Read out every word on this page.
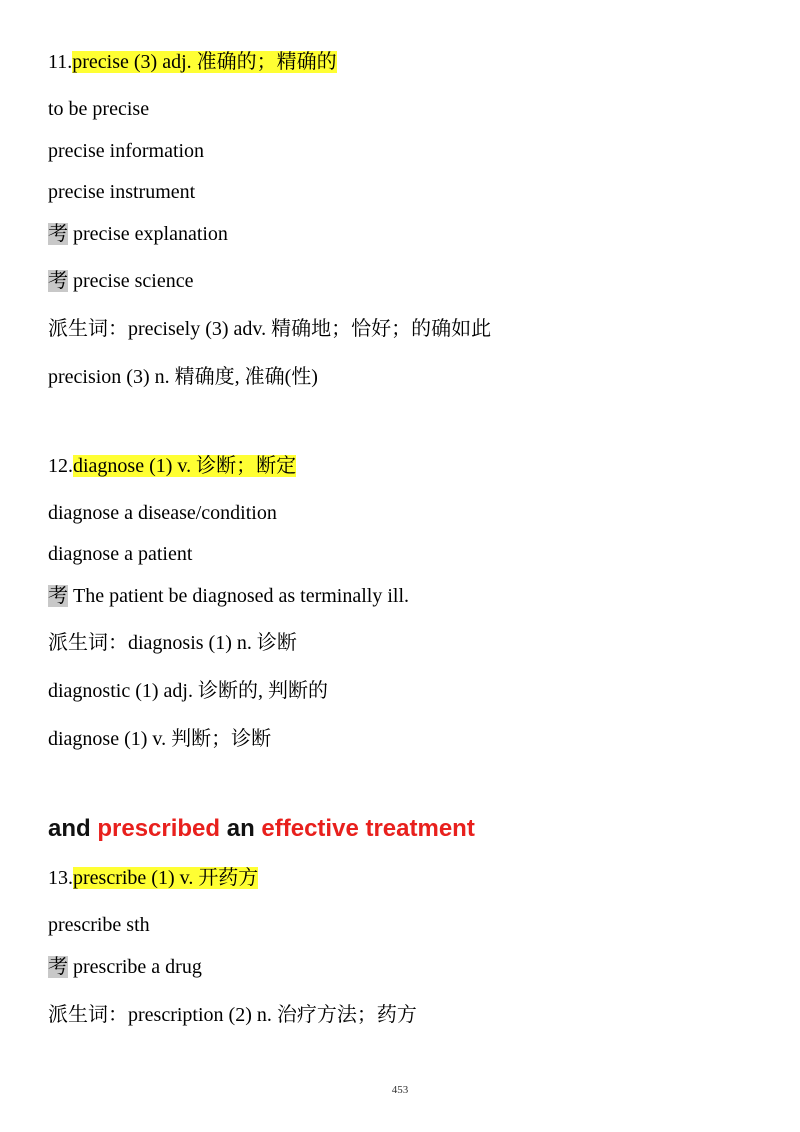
11.precise (3) adj. 准确的；精确的
to be precise
precise information
precise instrument
考 precise explanation
考 precise science
派生词：precisely (3) adv. 精确地；恰好；的确如此
precision (3) n. 精确度, 准确(性)
12.diagnose (1) v. 诊断；断定
diagnose a disease/condition
diagnose a patient
考 The patient be diagnosed as terminally ill.
派生词：diagnosis (1) n. 诊断
diagnostic (1) adj. 诊断的, 判断的
diagnose (1) v. 判断；诊断
and prescribed an effective treatment
13.prescribe (1) v. 开药方
prescribe sth
考 prescribe a drug
派生词：prescription (2) n. 治疗方法；药方
453
